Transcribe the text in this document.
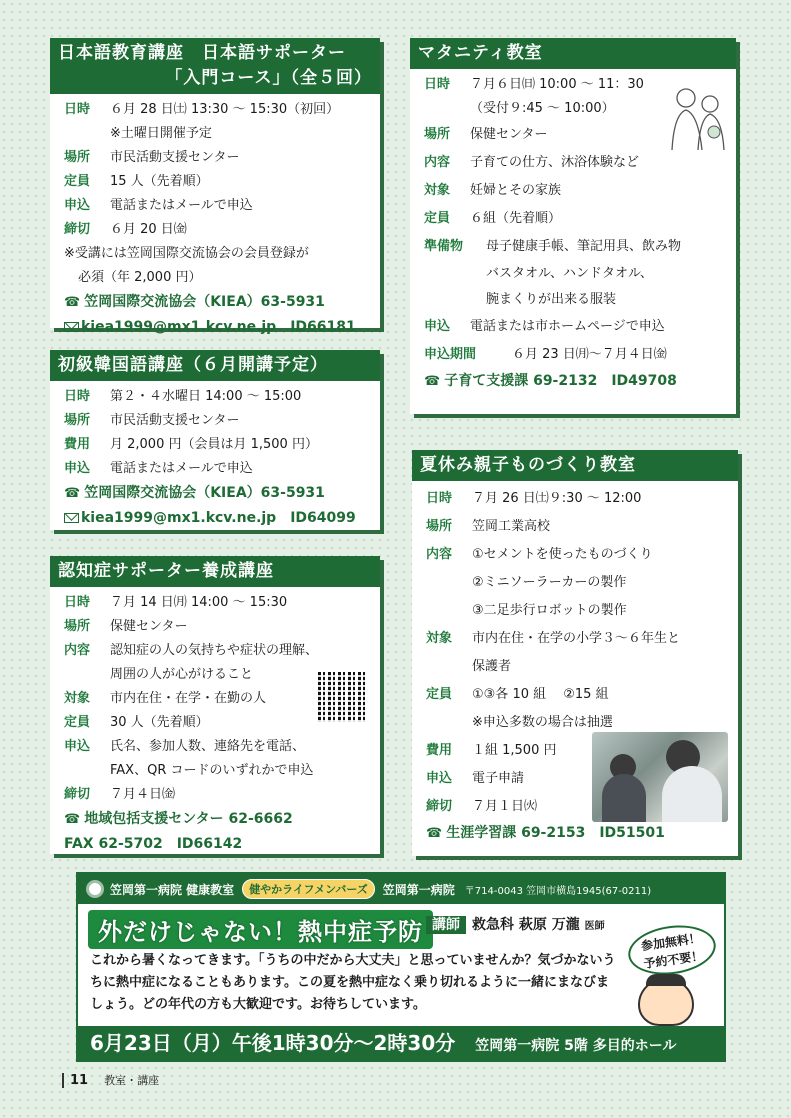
日本語教育講座　日本語サポーター
「入門コース」（全５回）
日時	６月 28 日㈯ 13:30 ～ 15:30（初回）
※土曜日開催予定
場所	市民活動支援センター
定員	15 人（先着順）
申込	電話またはメールで申込
締切	６月 20 日㈮
※受講には笠岡国際交流協会の会員登録が
必須（年 2,000 円）
☎ 笠岡国際交流協会（KIEA）63-5931
kiea1999@mx1.kcv.ne.jp ID66181
初級韓国語講座（６月開講予定）
日時	第２・４水曜日 14:00 ～ 15:00
場所	市民活動支援センター
費用	月 2,000 円（会員は月 1,500 円）
申込	電話またはメールで申込
☎ 笠岡国際交流協会（KIEA）63-5931
kiea1999@mx1.kcv.ne.jp ID64099
認知症サポーター養成講座
日時	７月 14 日㈪ 14:00 ～ 15:30
場所	保健センター
内容	認知症の人の気持ちや症状の理解、
周囲の人が心がけること
対象	市内在住・在学・在勤の人
定員	30 人（先着順）
申込	氏名、参加人数、連絡先を電話、
FAX、QR コードのいずれかで申込
締切	７月４日㈮
☎ 地域包括支援センター 62-6662
FAX 62-5702 ID66142
マタニティ教室
日時	７月６日㈰ 10:00 ～ 11：30
（受付９:45 ～ 10:00）
場所	保健センター
内容	子育ての仕方、沐浴体験など
対象	妊婦とその家族
定員	６組（先着順）
準備物	母子健康手帳、筆記用具、飲み物
バスタオル、ハンドタオル、
腕まくりが出来る服装
申込	電話または市ホームページで申込
申込期間	６月 23 日㈪～７月４日㈮
☎ 子育て支援課 69-2132 ID49708
夏休み親子ものづくり教室
日時	７月 26 日㈯９:30 ～ 12:00
場所	笠岡工業高校
内容	①セメントを使ったものづくり
②ミニソーラーカーの製作
③二足歩行ロボットの製作
対象	市内在住・在学の小学３～６年生と
保護者
定員	①③各 10 組　 ②15 組
※申込多数の場合は抽選
費用	１組 1,500 円
申込	電子申請
締切	７月１日㈫
☎ 生涯学習課 69-2153 ID51501
笠岡第一病院 健康教室	健やかライフメンバーズ	笠岡第一病院 〒714-0043 笠岡市横島1945(67-0211)
外だけじゃない！熱中症予防 講師 救急科 萩原 万瀧 医師
これから暑くなってきます。「うちの中だから大丈夫」と思っていませんか？気づかないうちに熱中症になることもあります。この夏を熱中症なく乗り切れるように一緒にまなびましょう。どの年代の方も大歓迎です。お待ちしています。
参加無料！
予約不要！
6月23日（月）午後1時30分～2時30分　 笠岡第一病院 5階 多目的ホール
11 教室・講座
